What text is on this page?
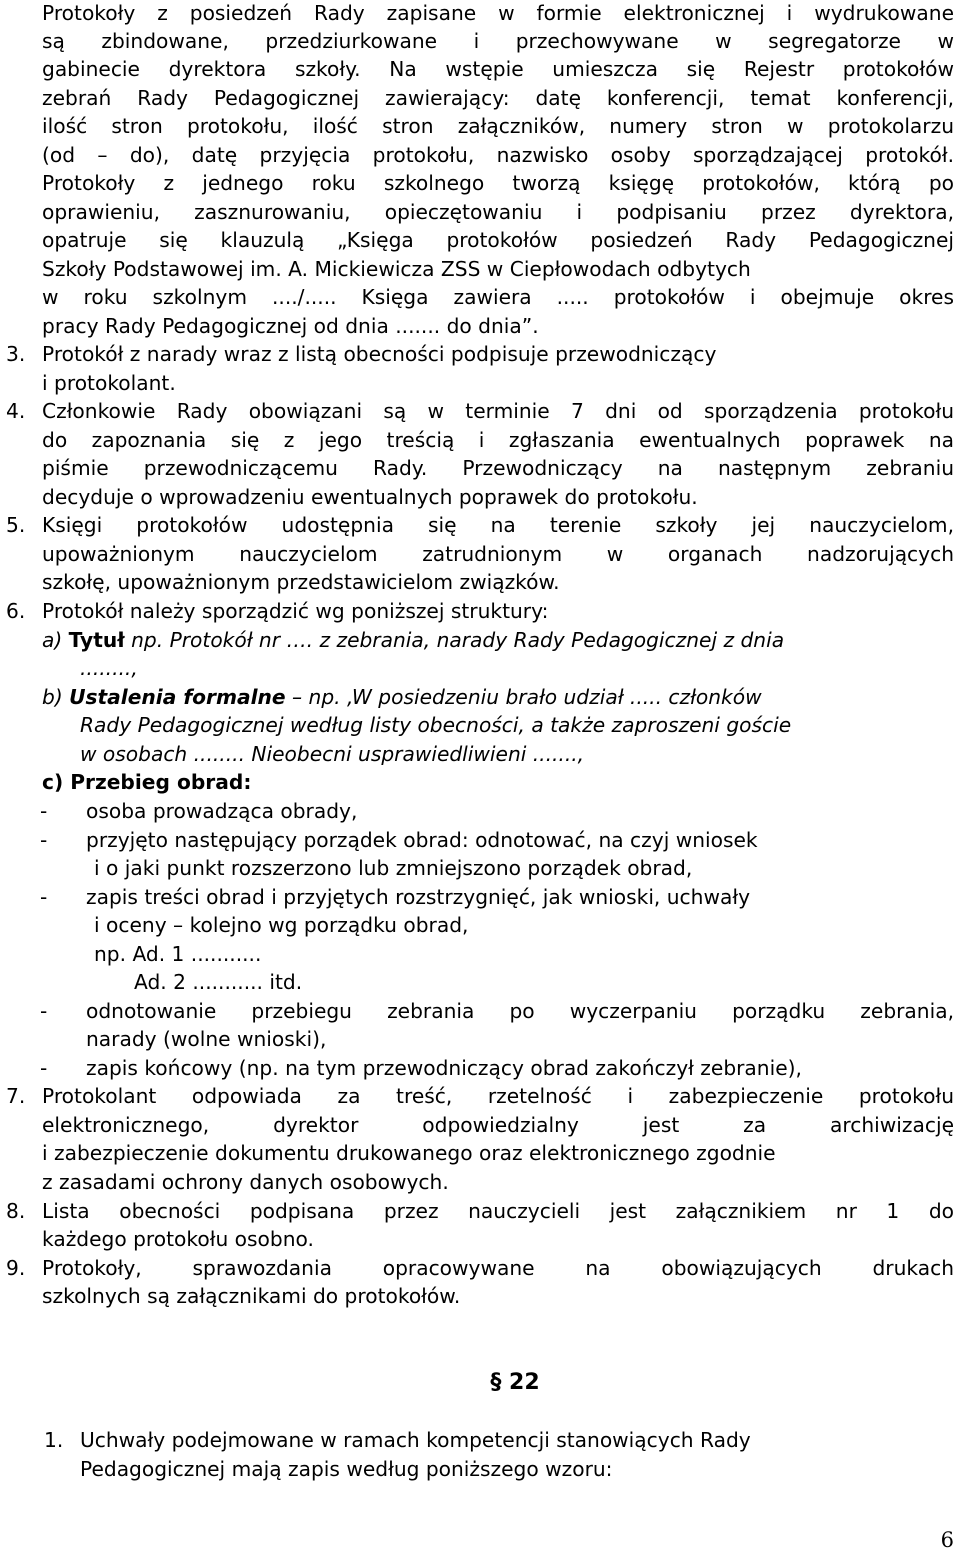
Protokoły z posiedzeń Rady zapisane w formie elektronicznej i wydrukowane
są zbindowane, przedziurkowane i przechowywane w segregatorze w
gabinecie dyrektora szkoły. Na wstępie umieszcza się Rejestr protokołów
zebrań Rady Pedagogicznej zawierający: datę konferencji, temat konferencji,
ilość stron protokołu, ilość stron załączników, numery stron w protokolarzu
(od – do), datę przyjęcia protokołu, nazwisko osoby sporządzającej protokół.
Protokoły z jednego roku szkolnego tworzą księgę protokołów, którą po
oprawieniu, zasznurowaniu, opieczętowaniu i podpisaniu przez dyrektora,
opatruje się klauzulą „Księga protokołów posiedzeń Rady Pedagogicznej
Szkoły Podstawowej im. A. Mickiewicza ZSS w Ciepłowodach odbytych
w roku szkolnym ..../..... Księga zawiera ..... protokołów i obejmuje okres
pracy Rady Pedagogicznej od dnia ....... do dnia”.
3. Protokół z narady wraz z listą obecności podpisuje przewodniczący
i protokolant.
4. Członkowie Rady obowiązani są w terminie 7 dni od sporządzenia protokołu
do zapoznania się z jego treścią i zgłaszania ewentualnych poprawek na
piśmie przewodniczącemu Rady. Przewodniczący na następnym zebraniu
decyduje o wprowadzeniu ewentualnych poprawek do protokołu.
5. Księgi protokołów udostępnia się na terenie szkoły jej nauczycielom,
upoważnionym nauczycielom zatrudnionym w organach nadzorujących
szkołę, upoważnionym przedstawicielom związków.
6. Protokół należy sporządzić wg poniższej struktury:
a) Tytuł np. Protokół nr …. z zebrania, narady Rady Pedagogicznej z dnia
........,
b) Ustalenia formalne – np. ‚W posiedzeniu brało udział ..... członków
Rady Pedagogicznej według listy obecności, a także zaproszeni goście
w osobach ........ Nieobecni usprawiedliwieni .......,
c) Przebieg obrad:
- osoba prowadząca obrady,
- przyjęto następujący porządek obrad: odnotować, na czyj wniosek
i o jaki punkt rozszerzono lub zmniejszono porządek obrad,
- zapis treści obrad i przyjętych rozstrzygnięć, jak wnioski, uchwały
i oceny – kolejno wg porządku obrad,
np. Ad. 1 ...........
Ad. 2 ........... itd.
- odnotowanie przebiegu zebrania po wyczerpaniu porządku zebrania,
narady (wolne wnioski),
- zapis końcowy (np. na tym przewodniczący obrad zakończył zebranie),
7. Protokolant odpowiada za treść, rzetelność i zabezpieczenie protokołu
elektronicznego, dyrektor odpowiedzialny jest za archiwizację
i zabezpieczenie dokumentu drukowanego oraz elektronicznego zgodnie
z zasadami ochrony danych osobowych.
8. Lista obecności podpisana przez nauczycieli jest załącznikiem nr 1 do
każdego protokołu osobno.
9. Protokoły, sprawozdania opracowywane na obowiązujących drukach
szkolnych są załącznikami do protokołów.
§ 22
1. Uchwały podejmowane w ramach kompetencji stanowiących Rady
Pedagogicznej mają zapis według poniższego wzoru:
6
